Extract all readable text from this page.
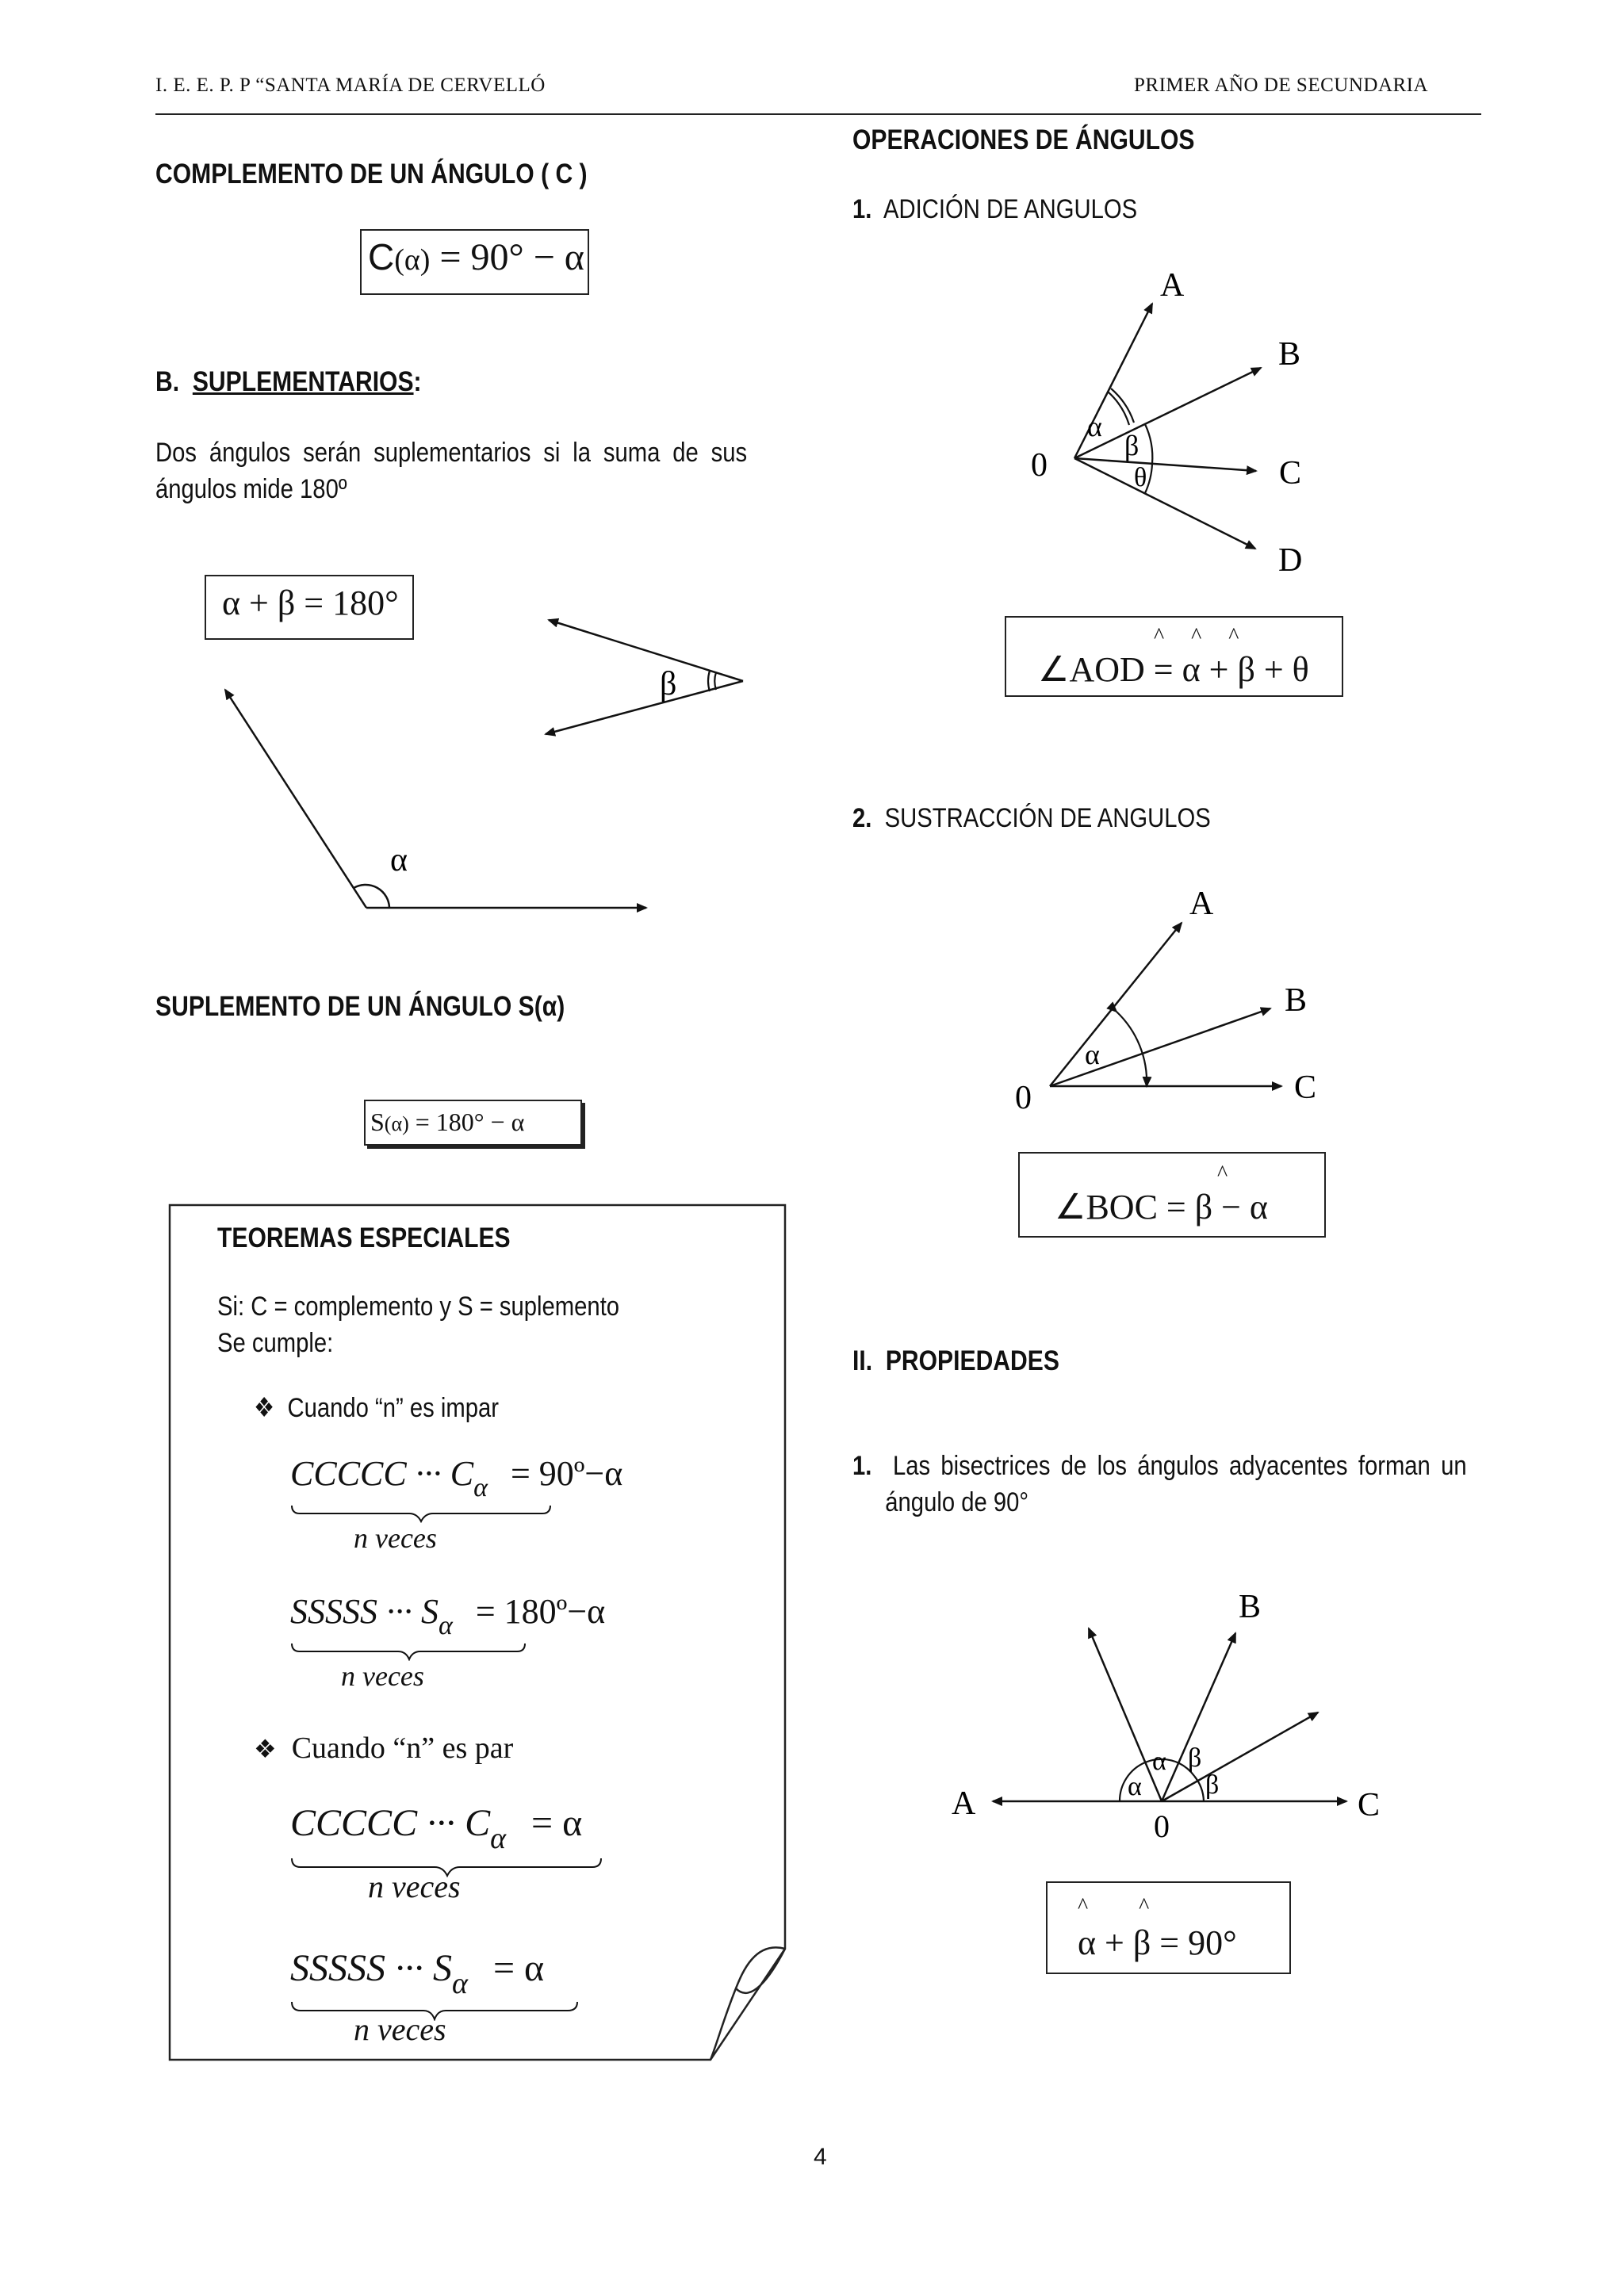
I. E. E. P. P “SANTA MARÍA DE CERVELLÓ	PRIMER AÑO DE SECUNDARIA
COMPLEMENTO DE UN ÁNGULO ( C )
C(α) = 90° − α
B. SUPLEMENTARIOS:
Dos ángulos serán suplementarios si la suma de sus
ángulos mide 180º
α + β = 180°
α
β
SUPLEMENTO DE UN ÁNGULO S(α)
S(α) = 180° − α
TEOREMAS ESPECIALES
Si: C = complemento y S = suplemento
Se cumple:
❖ Cuando “n” es impar
CCCCC ··· $C_\alpha$ = 90º−α
n veces
SSSSS ··· $S_\alpha$ = 180º−α
n veces
❖ Cuando “n” es par
CCCCC ··· $C_\alpha = \alpha$
n veces
SSSSS ··· $S_\alpha = \alpha$
n veces
OPERACIONES DE ÁNGULOS
1. ADICIÓN DE ANGULOS
α
β
θ
0
A
B
C
D
^^^
∠AOD = α + β + θ
2. SUSTRACCIÓN DE ANGULOS
α
0
A
B
C
^
∠BOC = β − α
II. PROPIEDADES
1. Las bisectrices de los ángulos adyacentes forman un
ángulo de 90°
α
α β
β
A	C
B
0
^^
α + β = 90°
4
